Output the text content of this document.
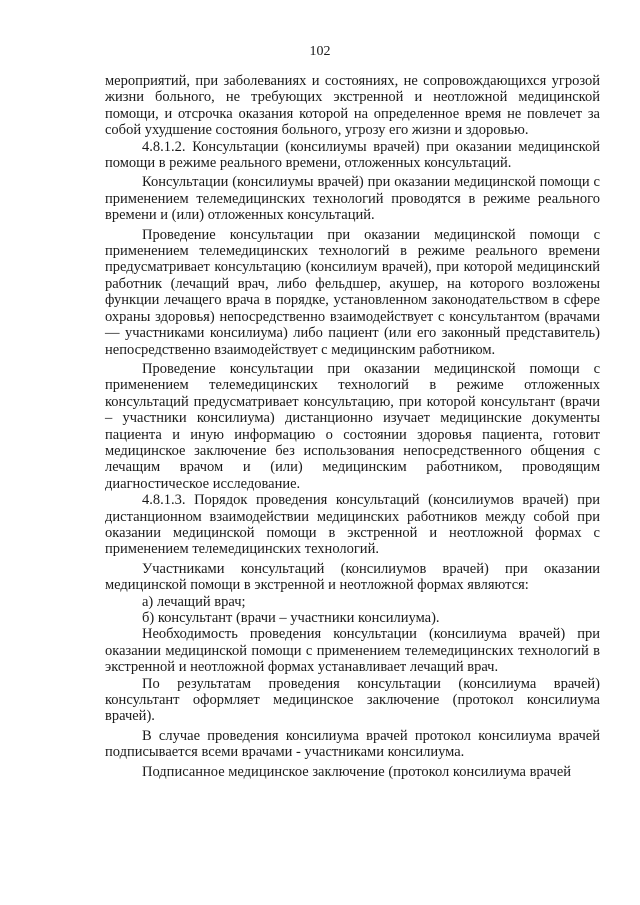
102

мероприятий, при заболеваниях и состояниях, не сопровождающихся угрозой жизни больного, не требующих экстренной и неотложной медицинской помощи, и отсрочка оказания которой на определенное время не повлечет за собой ухудшение состояния больного, угрозу его жизни и здоровью.

4.8.1.2. Консультации (консилиумы врачей) при оказании медицинской помощи в режиме реального времени, отложенных консультаций.

Консультации (консилиумы врачей) при оказании медицинской помощи с применением телемедицинских технологий проводятся в режиме реального времени и (или) отложенных консультаций.

Проведение консультации при оказании медицинской помощи с применением телемедицинских технологий в режиме реального времени предусматривает консультацию (консилиум врачей), при которой медицинский работник (лечащий врач, либо фельдшер, акушер, на которого возложены функции лечащего врача в порядке, установленном законодательством в сфере охраны здоровья) непосредственно взаимодействует с консультантом (врачами — участниками консилиума) либо пациент (или его законный представитель) непосредственно взаимодействует с медицинским работником.

Проведение консультации при оказании медицинской помощи с применением телемедицинских технологий в режиме отложенных консультаций предусматривает консультацию, при которой консультант (врачи – участники консилиума) дистанционно изучает медицинские документы пациента и иную информацию о состоянии здоровья пациента, готовит медицинское заключение без использования непосредственного общения с лечащим врачом и (или) медицинским работником, проводящим диагностическое исследование.

4.8.1.3. Порядок проведения консультаций (консилиумов врачей) при дистанционном взаимодействии медицинских работников между собой при оказании медицинской помощи в экстренной и неотложной формах с применением телемедицинских технологий.

Участниками консультаций (консилиумов врачей) при оказании медицинской помощи в экстренной и неотложной формах являются:

а) лечащий врач;

б) консультант (врачи – участники консилиума).

Необходимость проведения консультации (консилиума врачей) при оказании медицинской помощи с применением телемедицинских технологий в экстренной и неотложной формах устанавливает лечащий врач.

По результатам проведения консультации (консилиума врачей) консультант оформляет медицинское заключение (протокол консилиума врачей).

В случае проведения консилиума врачей протокол консилиума врачей подписывается всеми врачами - участниками консилиума.

Подписанное медицинское заключение (протокол консилиума врачей
